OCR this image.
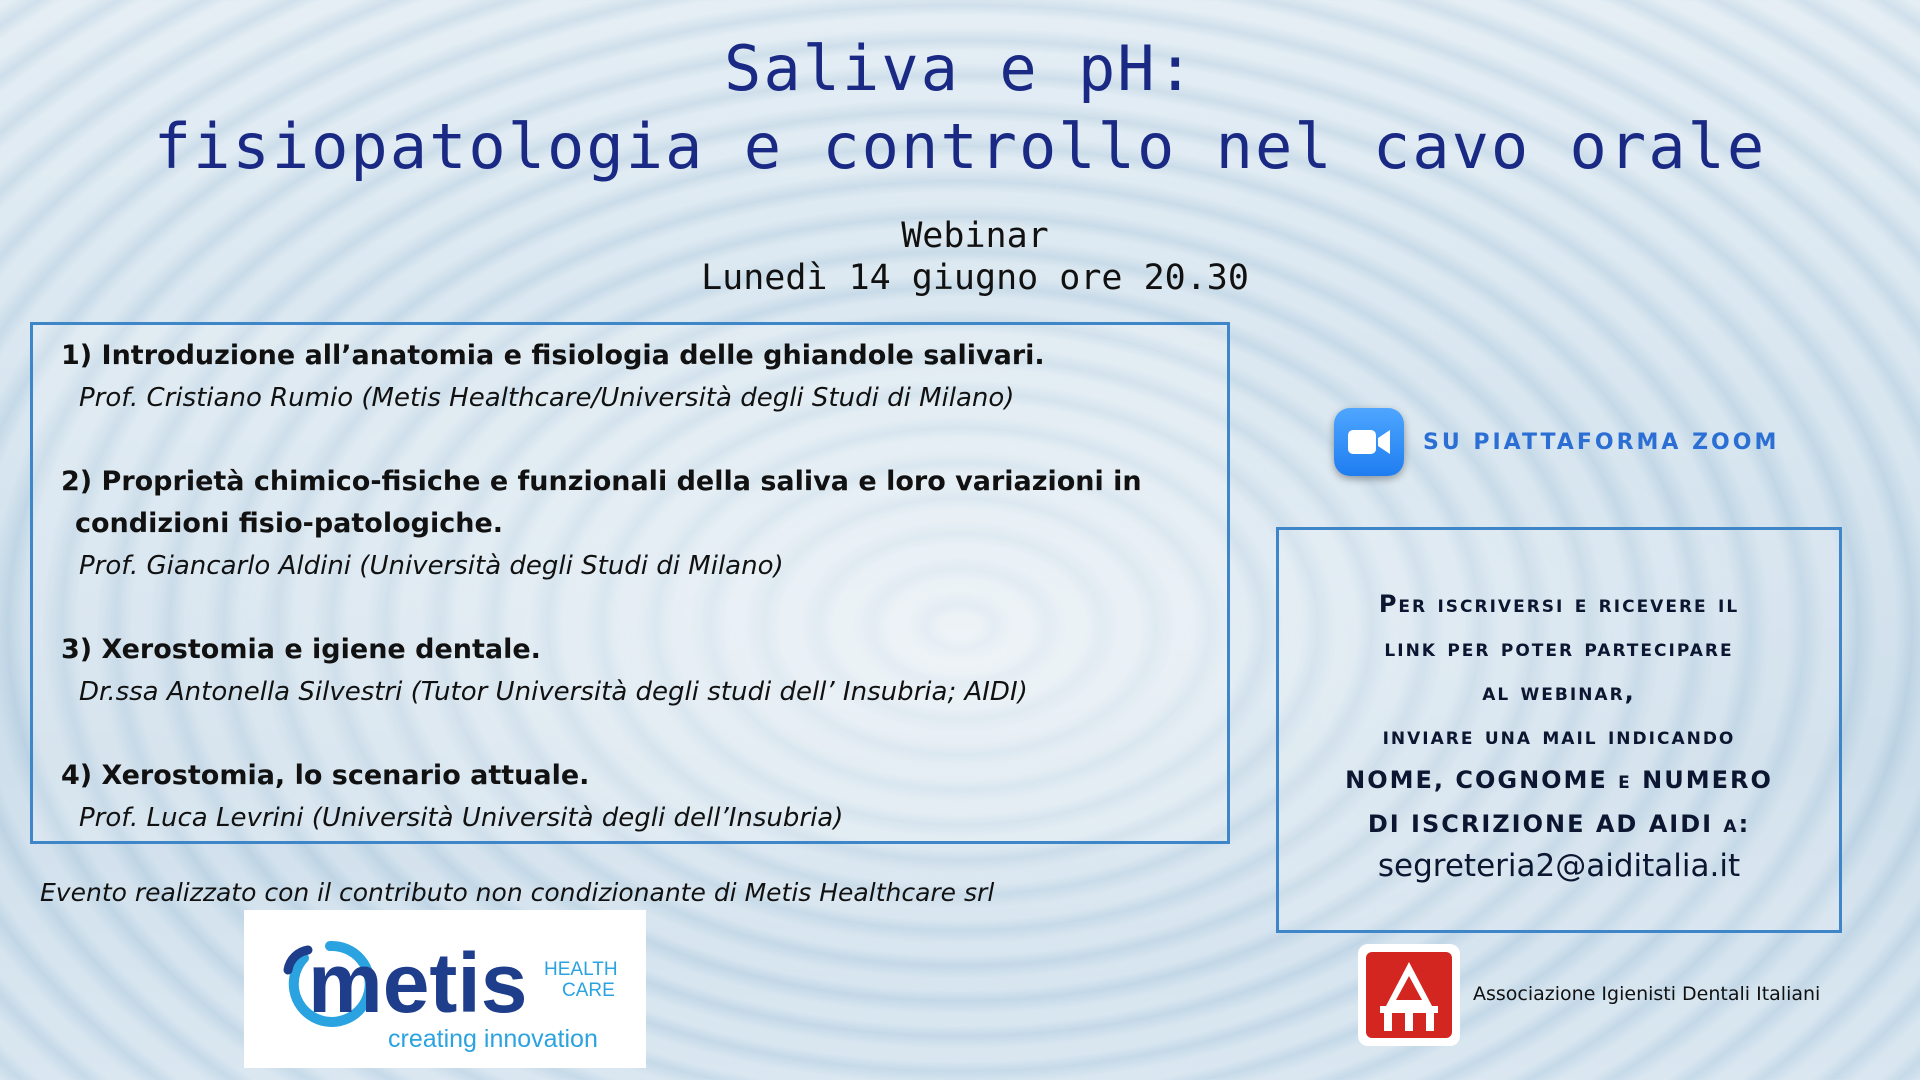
Saliva e pH:
fisiopatologia e controllo nel cavo orale
Webinar
Lunedì 14 giugno ore 20.30
1) Introduzione all’anatomia e fisiologia delle ghiandole salivari.
Prof. Cristiano Rumio (Metis Healthcare/Università degli Studi di Milano)
2) Proprietà chimico-fisiche e funzionali della saliva e loro variazioni in
condizioni fisio-patologiche.
Prof. Giancarlo Aldini (Università degli Studi di Milano)
3) Xerostomia e igiene dentale.
Dr.ssa Antonella Silvestri (Tutor Università degli studi dell’ Insubria; AIDI)
4) Xerostomia, lo scenario attuale.
Prof. Luca Levrini (Università Università degli dell’Insubria)
Evento realizzato con il contributo non condizionante di Metis Healthcare srl
metis HEALTH
CARE
creating innovation
SU PIATTAFORMA ZOOM
Per iscriversi e ricevere il
link per poter partecipare
al webinar,
inviare una mail indicando
NOME, COGNOME e NUMERO
DI ISCRIZIONE AD AIDI a:
segreteria2@aiditalia.it
Associazione Igienisti Dentali Italiani
